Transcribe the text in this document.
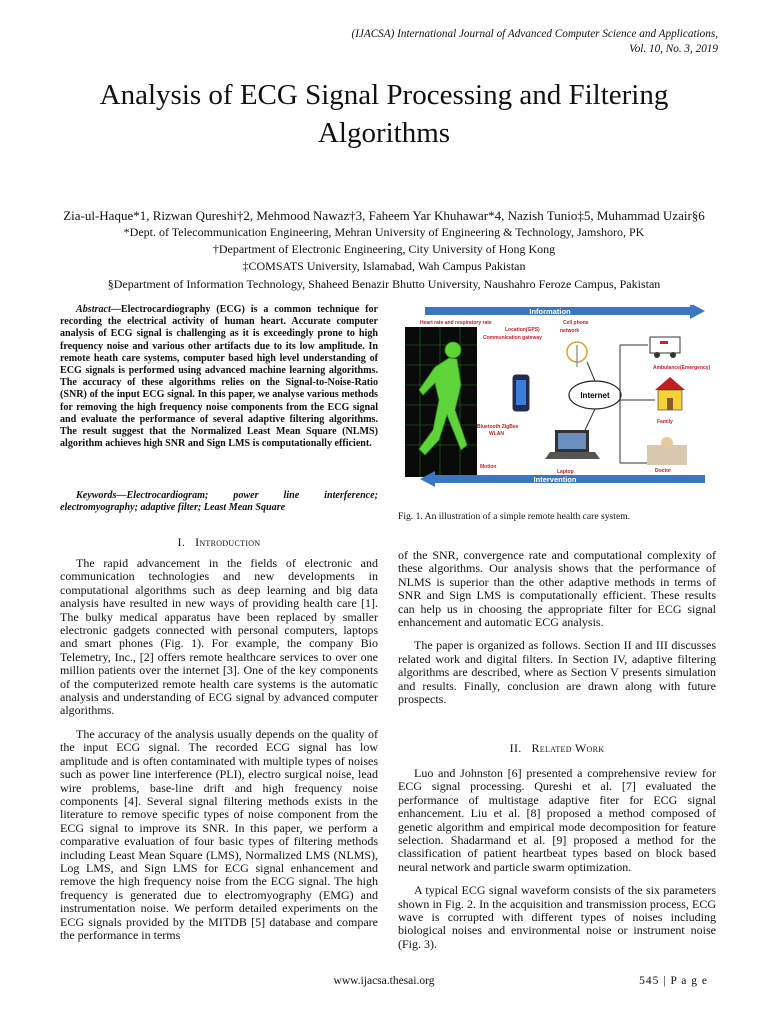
(IJACSA) International Journal of Advanced Computer Science and Applications,
Vol. 10, No. 3, 2019
Analysis of ECG Signal Processing and Filtering
Algorithms
Zia-ul-Haque*1, Rizwan Qureshi†2, Mehmood Nawaz†3, Faheem Yar Khuhawar*4, Nazish Tunio‡5, Muhammad Uzair§6
*Dept. of Telecommunication Engineering, Mehran University of Engineering & Technology, Jamshoro, PK
†Department of Electronic Engineering, City University of Hong Kong
‡COMSATS University, Islamabad, Wah Campus Pakistan
§Department of Information Technology, Shaheed Benazir Bhutto University, Naushahro Feroze Campus, Pakistan
Abstract—Electrocardiography (ECG) is a common technique for recording the electrical activity of human heart. Accurate computer analysis of ECG signal is challenging as it is exceedingly prone to high frequency noise and various other artifacts due to its low amplitude. In remote heath care systems, computer based high level understanding of ECG signals is performed using advanced machine learning algorithms. The accuracy of these algorithms relies on the Signal-to-Noise-Ratio (SNR) of the input ECG signal. In this paper, we analyse various methods for removing the high frequency noise components from the ECG signal and evaluate the performance of several adaptive filtering algorithms. The result suggest that the Normalized Least Mean Square (NLMS) algorithm achieves high SNR and Sign LMS is computationally efficient.
Keywords—Electrocardiogram; power line interference; electromyography; adaptive filter; Least Mean Square
I. Introduction

The rapid advancement in the fields of electronic and communication technologies and new developments in computational algorithms such as deep learning and big data analysis have resulted in new ways of providing health care [1]. The bulky medical apparatus have been replaced by smaller electronic gadgets connected with personal computers, laptops and smart phones (Fig. 1). For example, the company Bio Telemetry, Inc., [2] offers remote healthcare services to over one million patients over the internet [3]. One of the key components of the computerized remote health care systems is the automatic analysis and understanding of ECG signal by advanced computer algorithms.

The accuracy of the analysis usually depends on the quality of the input ECG signal. The recorded ECG signal has low amplitude and is often contaminated with multiple types of noises such as power line interference (PLI), electro surgical noise, lead wire problems, base-line drift and high frequency noise components [4]. Several signal filtering methods exists in the literature to remove specific types of noise component from the ECG signal to improve its SNR. In this paper, we perform a comparative evaluation of four basic types of filtering methods including Least Mean Square (LMS), Normalized LMS (NLMS), Log LMS, and Sign LMS for ECG signal enhancement and remove the high frequency noise from the ECG signal. The high frequency is generated due to electromyography (EMG) and instrumentation noise. We perform detailed experiments on the ECG signals provided by the MITDB [5] database and compare the performance in terms

Information
Intervention
Heart rate and respiratory rate
Location(GPS)
Communication gateway
Cell phone
network
Ambulance(Emergency)
Family
Doctor
Laptop
Bluetooth ZigBee
WLAN
Motion
Internet
Fig. 1. An illustration of a simple remote health care system.

of the SNR, convergence rate and computational complexity of these algorithms. Our analysis shows that the performance of NLMS is superior than the other adaptive methods in terms of SNR and Sign LMS is computationally efficient. These results can help us in choosing the appropriate filter for ECG signal enhancement and automatic ECG analysis.

The paper is organized as follows. Section II and III discusses related work and digital filters. In Section IV, adaptive filtering algorithms are described, where as Section V presents simulation and results. Finally, conclusion are drawn along with future prospects.

II. Related Work

Luo and Johnston [6] presented a comprehensive review for ECG signal processing. Qureshi et al. [7] evaluated the performance of multistage adaptive fiter for ECG signal enhancement. Liu et al. [8] proposed a method composed of genetic algorithm and empirical mode decomposition for feature selection. Shadarmand et al. [9] proposed a method for the classification of patient heartbeat types based on block based neural network and particle swarm optimization.

A typical ECG signal waveform consists of the six parameters shown in Fig. 2. In the acquisition and transmission process, ECG wave is corrupted with different types of noises including biological noises and environmental noise or instrument noise (Fig. 3).

www.ijacsa.thesai.org	545 | P a g e
